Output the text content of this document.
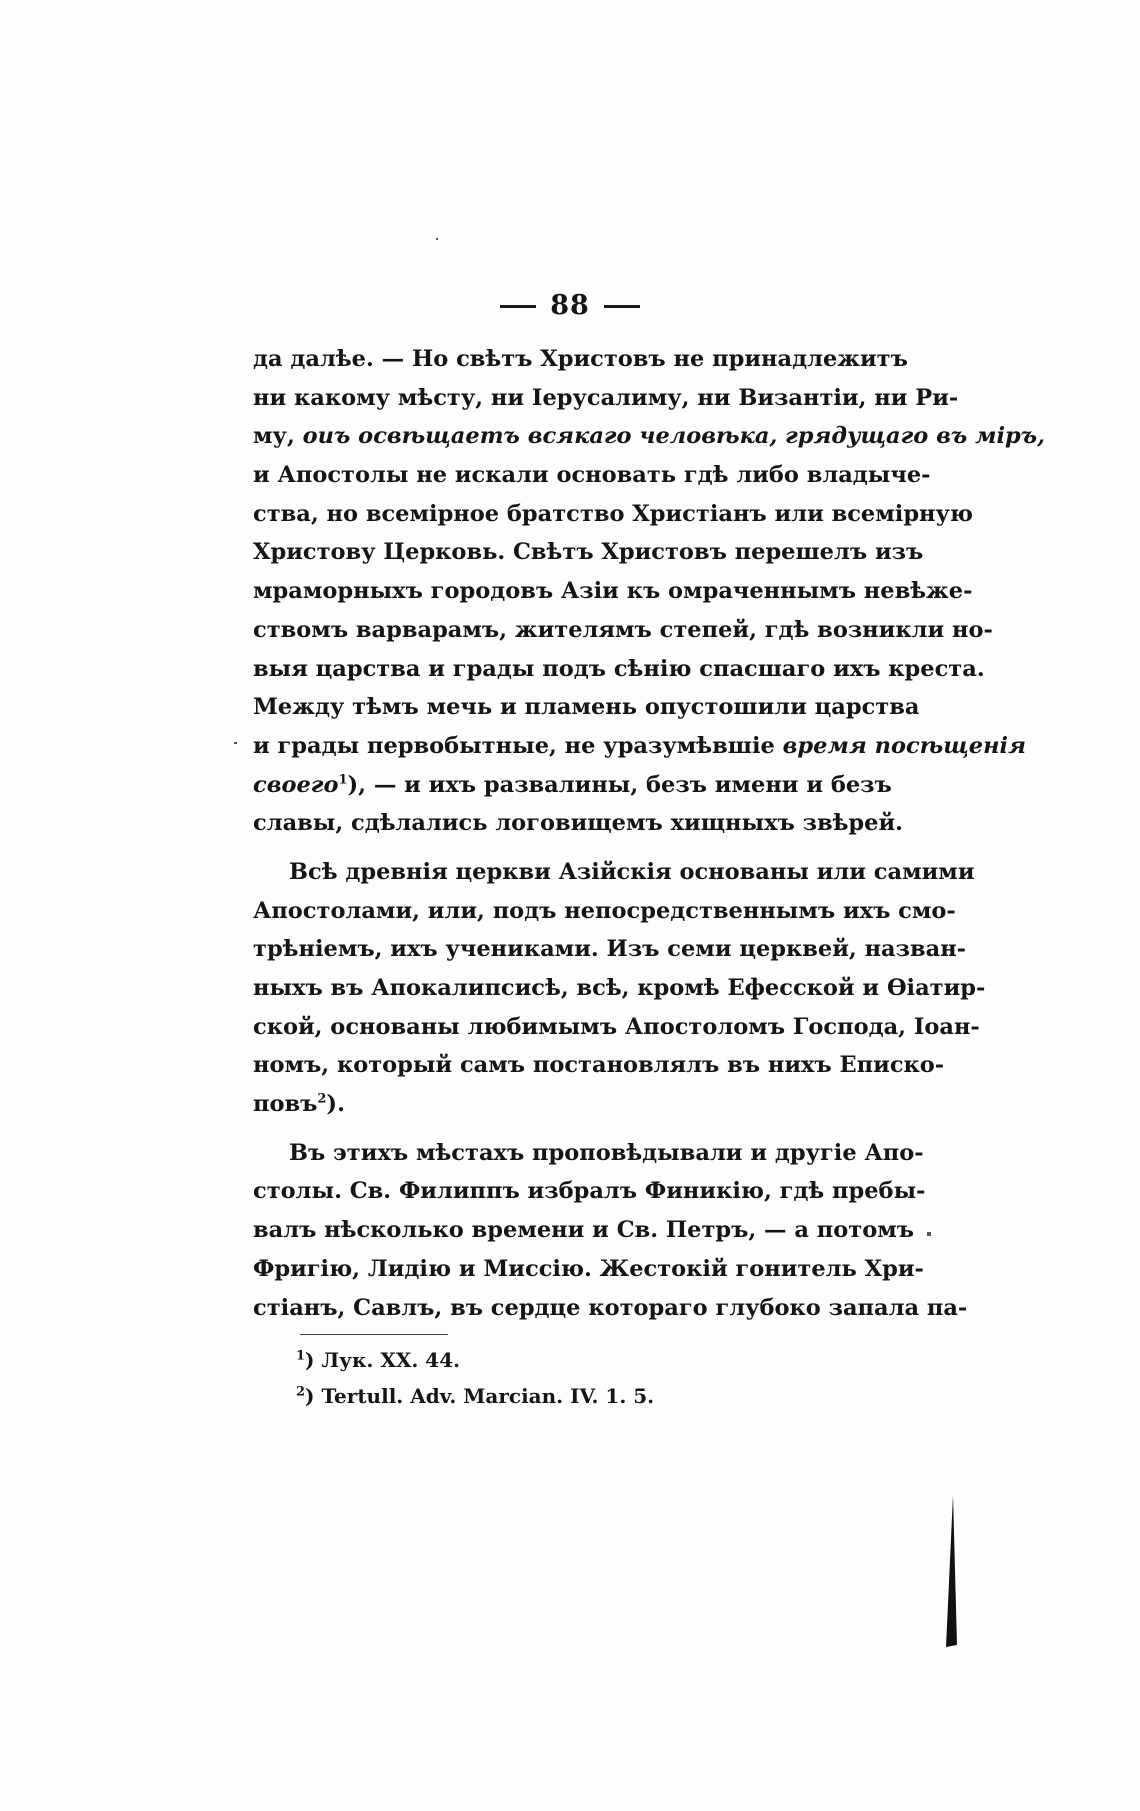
88
да далѣе. — Но свѣтъ Христовъ не принадлежитъ
ни какому мѣсту, ни Іерусалиму, ни Византіи, ни Ри-
му, оиъ освѣщаетъ всякаго человѣка, грядущаго въ міръ,
и Апостолы не искали основать гдѣ либо владыче-
ства, но всемірное братство Христіанъ или всемірную
Христову Церковь. Свѣтъ Христовъ перешелъ изъ
мраморныхъ городовъ Азіи къ омраченнымъ невѣже-
ствомъ варварамъ, жителямъ степей, гдѣ возникли но-
выя царства и грады подъ сѣнію спасшаго ихъ креста.
Между тѣмъ мечь и пламень опустошили царства
и грады первобытные, не уразумѣвшіе время посѣщенія
своего$^1$), — и ихъ развалины, безъ имени и безъ
славы, сдѣлались логовищемъ хищныхъ звѣрей.
Всѣ древнія церкви Азійскія основаны или самими
Апостолами, или, подъ непосредственнымъ ихъ смо-
трѣніемъ, ихъ учениками. Изъ семи церквей, назван-
ныхъ въ Апокалипсисѣ, всѣ, кромѣ Ефесской и Ѳіатир-
ской, основаны любимымъ Апостоломъ Господа, Іоан-
номъ, который самъ постановлялъ въ нихъ Еписко-
повъ$^2$).
Въ этихъ мѣстахъ проповѣдывали и другіе Апо-
столы. Св. Филиппъ избралъ Финикію, гдѣ пребы-
валъ нѣсколько времени и Св. Петръ, — а потомъ
Фригію, Лидію и Миссію. Жестокій гонитель Хри-
стіанъ, Савлъ, въ сердце котораго глубоко запала па-
$^1$) Лук. XX. 44.
$^2$) Tertull. Adv. Marcian. IV. 1. 5.
